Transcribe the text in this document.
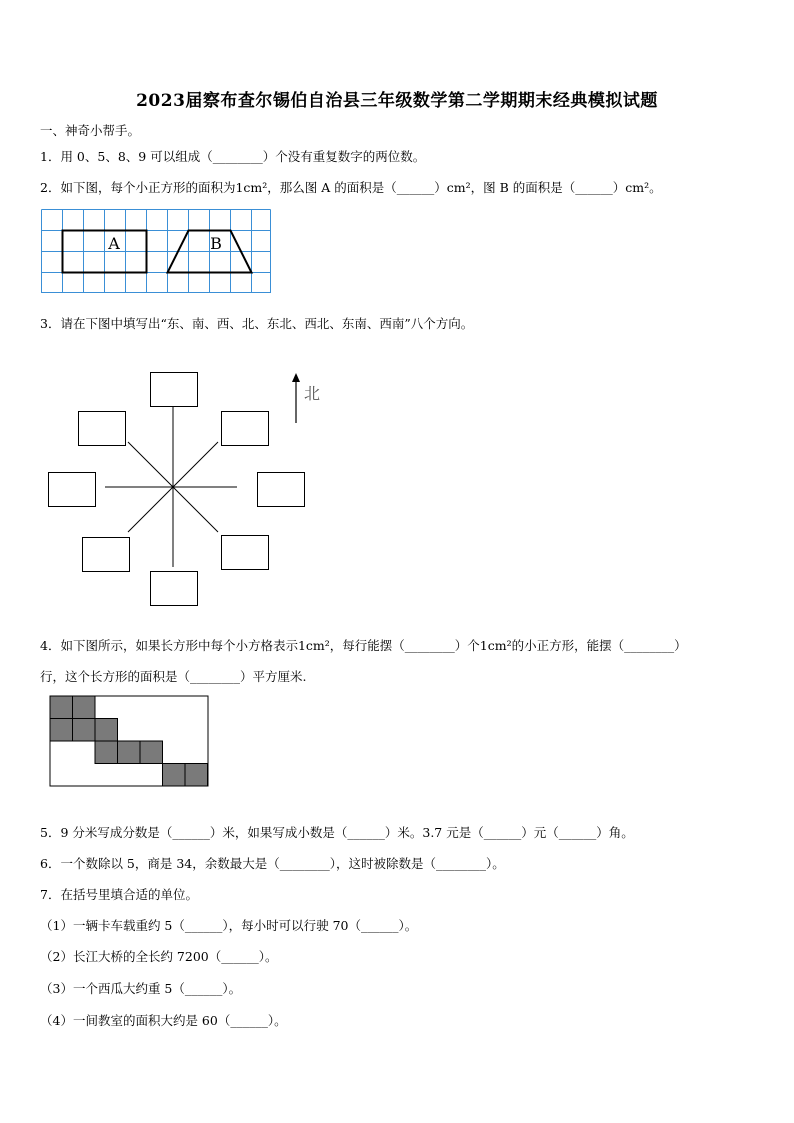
2023届察布查尔锡伯自治县三年级数学第二学期期末经典模拟试题
一、神奇小帮手。
1．用 0、5、8、9 可以组成（________）个没有重复数字的两位数。
2．如下图，每个小正方形的面积为1cm²，那么图 A 的面积是（______）cm²，图 B 的面积是（______）cm²。
A	B
3．请在下图中填写出“东、南、西、北、东北、西北、东南、西南”八个方向。
北
4．如下图所示，如果长方形中每个小方格表示1cm²，每行能摆（________）个1cm²的小正方形，能摆（________）
行，这个长方形的面积是（________）平方厘米.
5．9 分米写成分数是（______）米，如果写成小数是（______）米。3.7 元是（______）元（______）角。
6．一个数除以 5，商是 34，余数最大是（________），这时被除数是（________）。
7．在括号里填合适的单位。
（1）一辆卡车载重约 5（______），每小时可以行驶 70（______）。
（2）长江大桥的全长约 7200（______）。
（3）一个西瓜大约重 5（______）。
（4）一间教室的面积大约是 60（______）。
